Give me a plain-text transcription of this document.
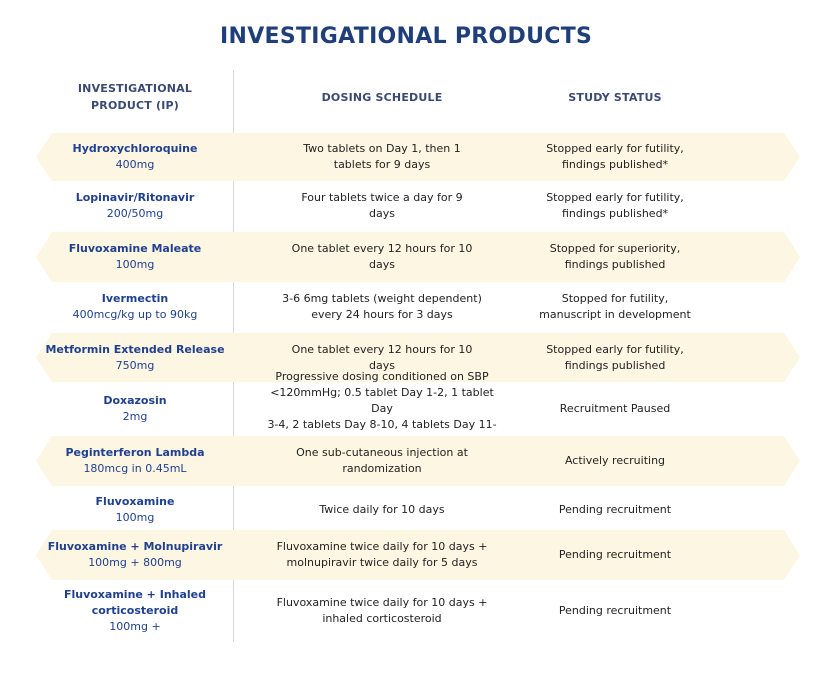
INVESTIGATIONAL PRODUCTS
INVESTIGATIONAL
PRODUCT (IP)
DOSING SCHEDULE	STUDY STATUS
Hydroxychloroquine
400mg
Two tablets on Day 1, then 1
tablets for 9 days
Stopped early for futility,
findings published*
Lopinavir/Ritonavir
200/50mg
Four tablets twice a day for 9
days
Stopped early for futility,
findings published*
Fluvoxamine Maleate
100mg
One tablet every 12 hours for 10
days
Stopped for superiority,
findings published
Ivermectin
400mcg/kg up to 90kg
3-6 6mg tablets (weight dependent)
every 24 hours for 3 days
Stopped for futility,
manuscript in development
Metformin Extended Release
750mg
One tablet every 12 hours for 10
days
Stopped early for futility,
findings published
Doxazosin
2mg
Progressive dosing conditioned on SBP
<120mmHg; 0.5 tablet Day 1-2, 1 tablet Day
3-4, 2 tablets Day 8-10, 4 tablets Day 11-
Recruitment Paused
Peginterferon Lambda
180mcg in 0.45mL
One sub-cutaneous injection at
randomization
Actively recruiting
Fluvoxamine
100mg
Twice daily for 10 days	Pending recruitment
Fluvoxamine + Molnupiravir
100mg + 800mg
Fluvoxamine twice daily for 10 days +
molnupiravir twice daily for 5 days
Pending recruitment
Fluvoxamine + Inhaled
corticosteroid
100mg +
Fluvoxamine twice daily for 10 days +
inhaled corticosteroid
Pending recruitment
